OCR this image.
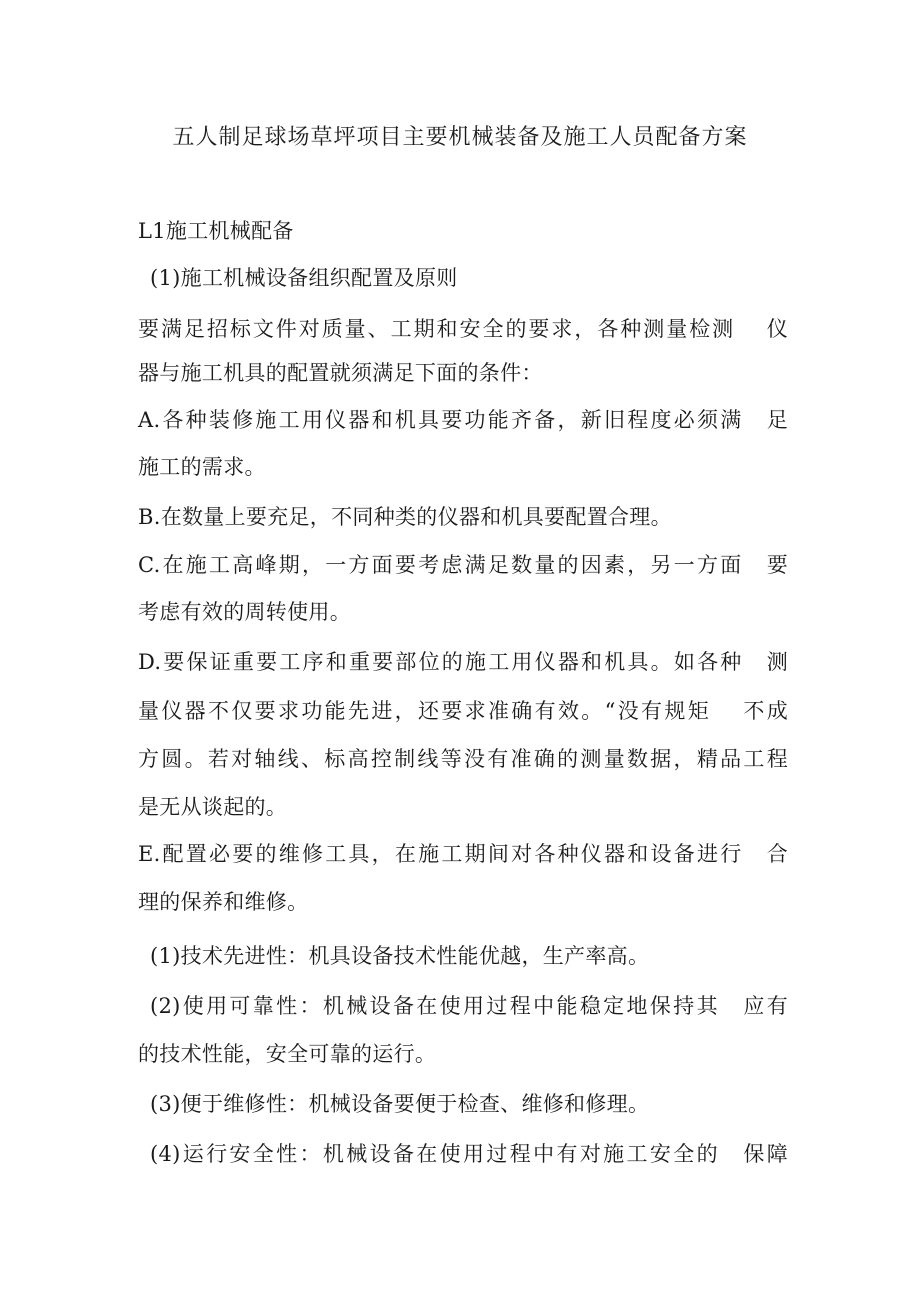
五人制足球场草坪项目主要机械装备及施工人员配备方案
L1施工机械配备
(1)施工机械设备组织配置及原则
要满足招标文件对质量、工期和安全的要求，各种测量检测　 仪
器与施工机具的配置就须满足下面的条件：
A.各种装修施工用仪器和机具要功能齐备，新旧程度必须满　足
施工的需求。
B.在数量上要充足，不同种类的仪器和机具要配置合理。
C.在施工高峰期，一方面要考虑满足数量的因素，另一方面　要
考虑有效的周转使用。
D.要保证重要工序和重要部位的施工用仪器和机具。如各种　测
量仪器不仅要求功能先进，还要求准确有效。“没有规矩　 不成
方圆。若对轴线、标高控制线等没有准确的测量数据，精品工程
是无从谈起的。
E.配置必要的维修工具，在施工期间对各种仪器和设备进行　合
理的保养和维修。
(1)技术先进性：机具设备技术性能优越，生产率高。
(2)使用可靠性：机械设备在使用过程中能稳定地保持其　应有
的技术性能，安全可靠的运行。
(3)便于维修性：机械设备要便于检查、维修和修理。
(4)运行安全性：机械设备在使用过程中有对施工安全的　保障
